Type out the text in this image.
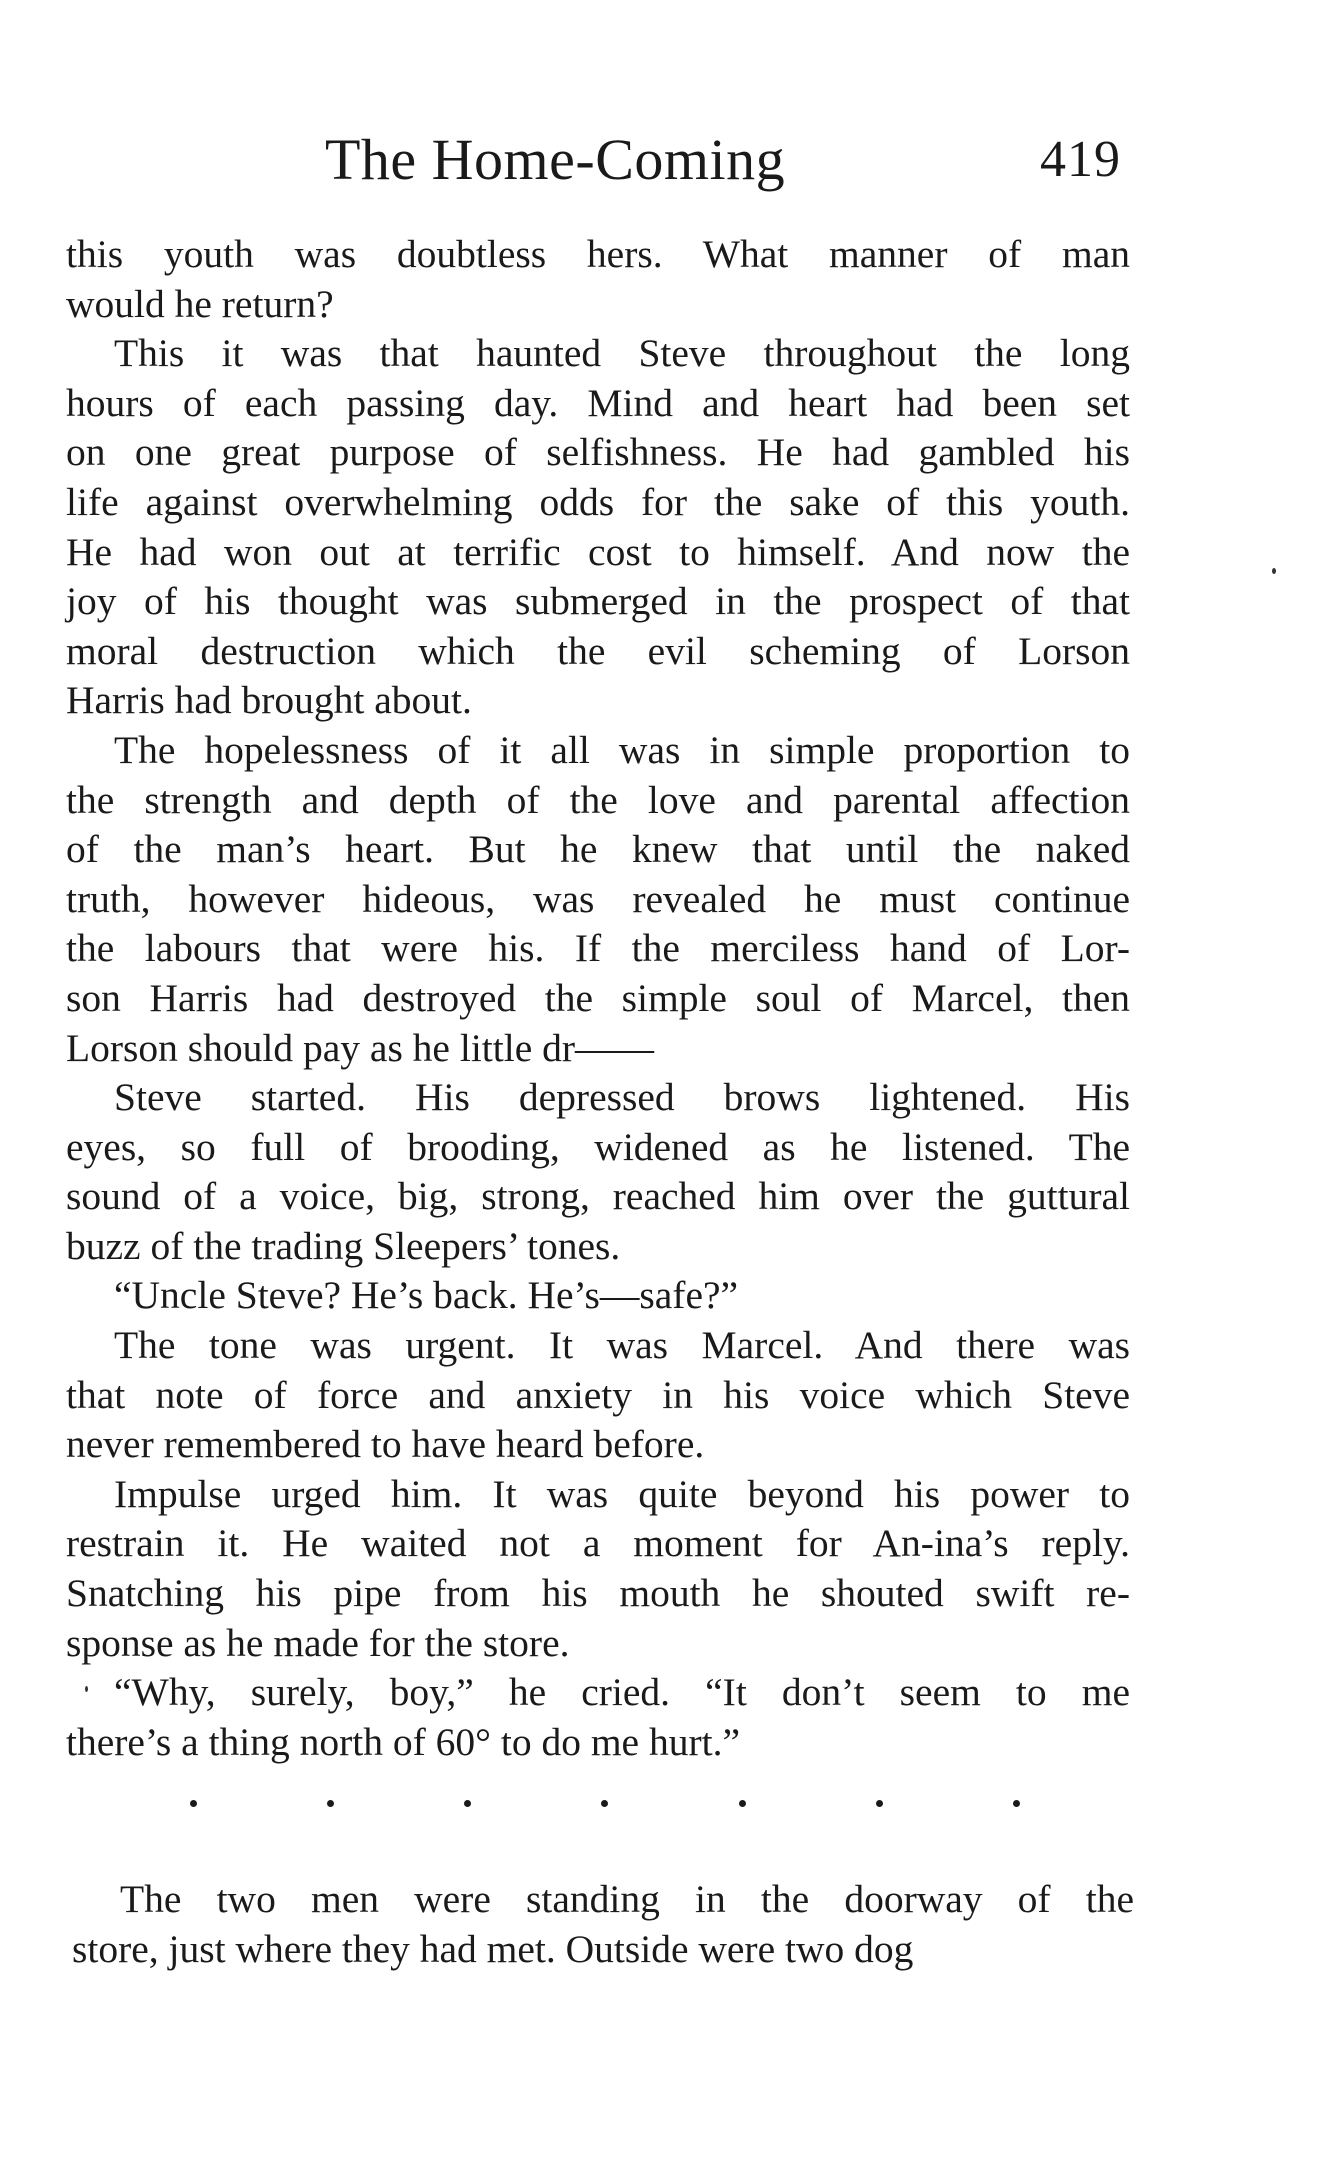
The Home-Coming	419
this youth was doubtless hers. What manner of man
would he return?
This it was that haunted Steve throughout the long
hours of each passing day. Mind and heart had been set
on one great purpose of selfishness. He had gambled his
life against overwhelming odds for the sake of this youth.
He had won out at terrific cost to himself. And now the
joy of his thought was submerged in the prospect of that
moral destruction which the evil scheming of Lorson
Harris had brought about.
The hopelessness of it all was in simple proportion to
the strength and depth of the love and parental affection
of the man’s heart. But he knew that until the naked
truth, however hideous, was revealed he must continue
the labours that were his. If the merciless hand of Lor-
son Harris had destroyed the simple soul of Marcel, then
Lorson should pay as he little dr——
Steve started. His depressed brows lightened. His
eyes, so full of brooding, widened as he listened. The
sound of a voice, big, strong, reached him over the guttural
buzz of the trading Sleepers’ tones.
“Uncle Steve? He’s back. He’s—safe?”
The tone was urgent. It was Marcel. And there was
that note of force and anxiety in his voice which Steve
never remembered to have heard before.
Impulse urged him. It was quite beyond his power to
restrain it. He waited not a moment for An-ina’s reply.
Snatching his pipe from his mouth he shouted swift re-
sponse as he made for the store.
“Why, surely, boy,” he cried. “It don’t seem to me
there’s a thing north of 60° to do me hurt.”
The two men were standing in the doorway of the
store, just where they had met. Outside were two dog
